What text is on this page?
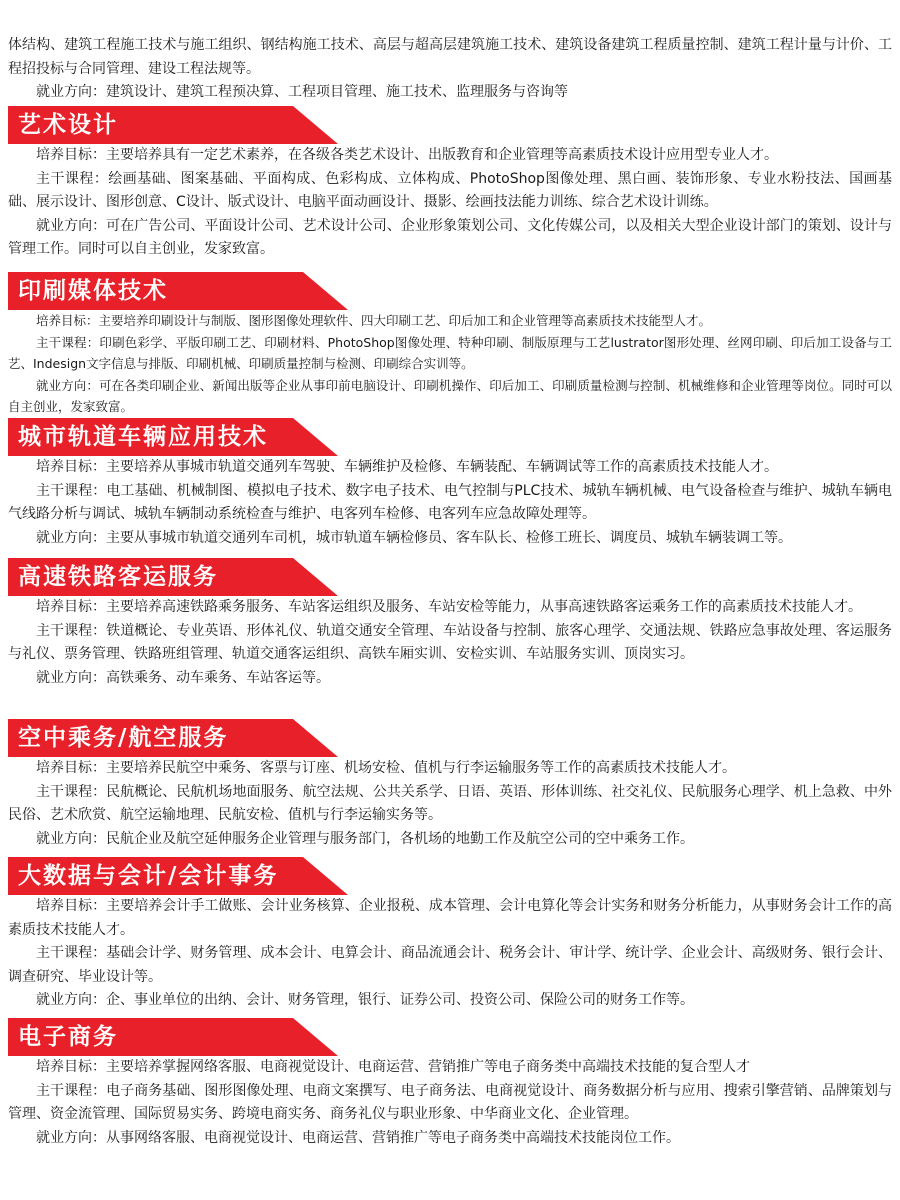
体结构、建筑工程施工技术与施工组织、钢结构施工技术、高层与超高层建筑施工技术、建筑设备建筑工程质量控制、建筑工程计量与计价、工程招投标与合同管理、建设工程法规等。

就业方向：建筑设计、建筑工程预决算、工程项目管理、施工技术、监理服务与咨询等

艺术设计

培养目标：主要培养具有一定艺术素养，在各级各类艺术设计、出版教育和企业管理等高素质技术设计应用型专业人才。

主干课程：绘画基础、图案基础、平面构成、色彩构成、立体构成、PhotoShop图像处理、黑白画、装饰形象、专业水粉技法、国画基础、展示设计、图形创意、C设计、版式设计、电脑平面动画设计、摄影、绘画技法能力训练、综合艺术设计训练。

就业方向：可在广告公司、平面设计公司、艺术设计公司、企业形象策划公司、文化传媒公司，以及相关大型企业设计部门的策划、设计与管理工作。同时可以自主创业，发家致富。

印刷媒体技术

培养目标：主要培养印刷设计与制版、图形图像处理软件、四大印刷工艺、印后加工和企业管理等高素质技术技能型人才。

主干课程：印刷色彩学、平版印刷工艺、印刷材料、PhotoShop图像处理、特种印刷、制版原理与工艺lustrator图形处理、丝网印刷、印后加工设备与工艺、Indesign文字信息与排版、印刷机械、印刷质量控制与检测、印刷综合实训等。

就业方向：可在各类印刷企业、新闻出版等企业从事印前电脑设计、印刷机操作、印后加工、印刷质量检测与控制、机械维修和企业管理等岗位。同时可以自主创业，发家致富。

城市轨道车辆应用技术

培养目标：主要培养从事城市轨道交通列车驾驶、车辆维护及检修、车辆装配、车辆调试等工作的高素质技术技能人才。

主干课程：电工基础、机械制图、模拟电子技术、数字电子技术、电气控制与PLC技术、城轨车辆机械、电气设备检查与维护、城轨车辆电气线路分析与调试、城轨车辆制动系统检查与维护、电客列车检修、电客列车应急故障处理等。

就业方向：主要从事城市轨道交通列车司机，城市轨道车辆检修员、客车队长、检修工班长、调度员、城轨车辆装调工等。

高速铁路客运服务

培养目标：主要培养高速铁路乘务服务、车站客运组织及服务、车站安检等能力，从事高速铁路客运乘务工作的高素质技术技能人才。

主干课程：铁道概论、专业英语、形体礼仪、轨道交通安全管理、车站设备与控制、旅客心理学、交通法规、铁路应急事故处理、客运服务与礼仪、票务管理、铁路班组管理、轨道交通客运组织、高铁车厢实训、安检实训、车站服务实训、顶岗实习。

就业方向：高铁乘务、动车乘务、车站客运等。

空中乘务/航空服务

培养目标：主要培养民航空中乘务、客票与订座、机场安检、值机与行李运输服务等工作的高素质技术技能人才。

主干课程：民航概论、民航机场地面服务、航空法规、公共关系学、日语、英语、形体训练、社交礼仪、民航服务心理学、机上急救、中外民俗、艺术欣赏、航空运输地理、民航安检、值机与行李运输实务等。

就业方向：民航企业及航空延伸服务企业管理与服务部门，各机场的地勤工作及航空公司的空中乘务工作。

大数据与会计/会计事务

培养目标：主要培养会计手工做账、会计业务核算、企业报税、成本管理、会计电算化等会计实务和财务分析能力，从事财务会计工作的高素质技术技能人才。

主干课程：基础会计学、财务管理、成本会计、电算会计、商品流通会计、税务会计、审计学、统计学、企业会计、高级财务、银行会计、调查研究、毕业设计等。

就业方向：企、事业单位的出纳、会计、财务管理，银行、证券公司、投资公司、保险公司的财务工作等。

电子商务

培养目标：主要培养掌握网络客服、电商视觉设计、电商运营、营销推广等电子商务类中高端技术技能的复合型人才

主干课程：电子商务基础、图形图像处理、电商文案撰写、电子商务法、电商视觉设计、商务数据分析与应用、搜索引擎营销、品牌策划与管理、资金流管理、国际贸易实务、跨境电商实务、商务礼仪与职业形象、中华商业文化、企业管理。

就业方向：从事网络客服、电商视觉设计、电商运营、营销推广等电子商务类中高端技术技能岗位工作。
